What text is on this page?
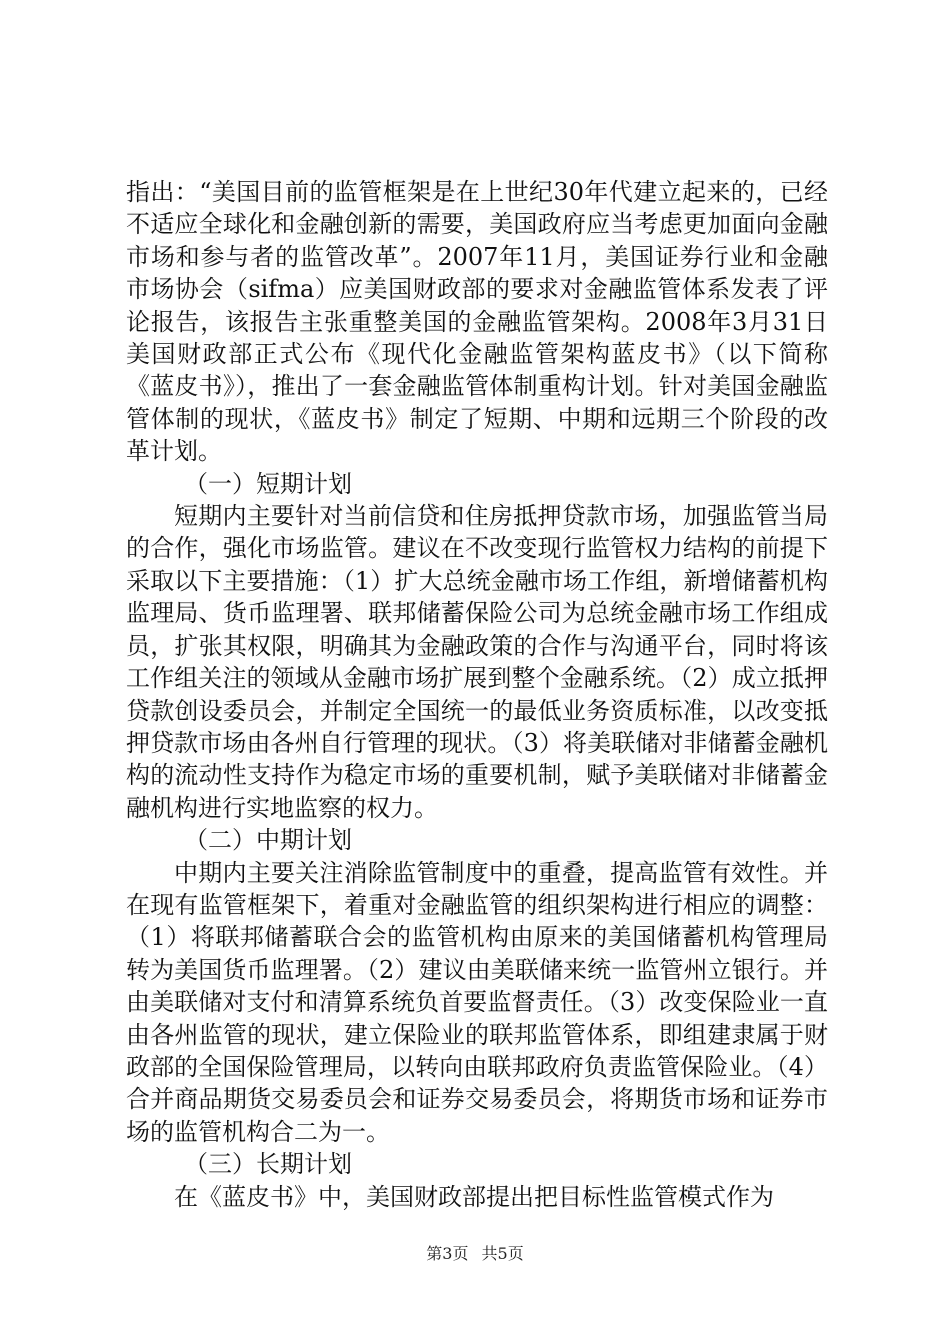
指出：“美国目前的监管框架是在上世纪30年代建立起来的，已经不适应全球化和金融创新的需要，美国政府应当考虑更加面向金融市场和参与者的监管改革”。2007年11月，美国证券行业和金融市场协会（sifma）应美国财政部的要求对金融监管体系发表了评论报告，该报告主张重整美国的金融监管架构。2008年3月31日美国财政部正式公布《现代化金融监管架构蓝皮书》（以下简称《蓝皮书》），推出了一套金融监管体制重构计划。针对美国金融监管体制的现状，《蓝皮书》制定了短期、中期和远期三个阶段的改革计划。

（一）短期计划

短期内主要针对当前信贷和住房抵押贷款市场，加强监管当局的合作，强化市场监管。建议在不改变现行监管权力结构的前提下采取以下主要措施：（1）扩大总统金融市场工作组，新增储蓄机构监理局、货币监理署、联邦储蓄保险公司为总统金融市场工作组成员，扩张其权限，明确其为金融政策的合作与沟通平台，同时将该工作组关注的领域从金融市场扩展到整个金融系统。（2）成立抵押贷款创设委员会，并制定全国统一的最低业务资质标准，以改变抵押贷款市场由各州自行管理的现状。（3）将美联储对非储蓄金融机构的流动性支持作为稳定市场的重要机制，赋予美联储对非储蓄金融机构进行实地监察的权力。

（二）中期计划

中期内主要关注消除监管制度中的重叠，提高监管有效性。并在现有监管框架下，着重对金融监管的组织架构进行相应的调整：（1）将联邦储蓄联合会的监管机构由原来的美国储蓄机构管理局转为美国货币监理署。（2）建议由美联储来统一监管州立银行。并由美联储对支付和清算系统负首要监督责任。（3）改变保险业一直由各州监管的现状，建立保险业的联邦监管体系，即组建隶属于财政部的全国保险管理局，以转向由联邦政府负责监管保险业。（4）合并商品期货交易委员会和证券交易委员会，将期货市场和证券市场的监管机构合二为一。

（三）长期计划

在《蓝皮书》中，美国财政部提出把目标性监管模式作为

第3页 共5页
